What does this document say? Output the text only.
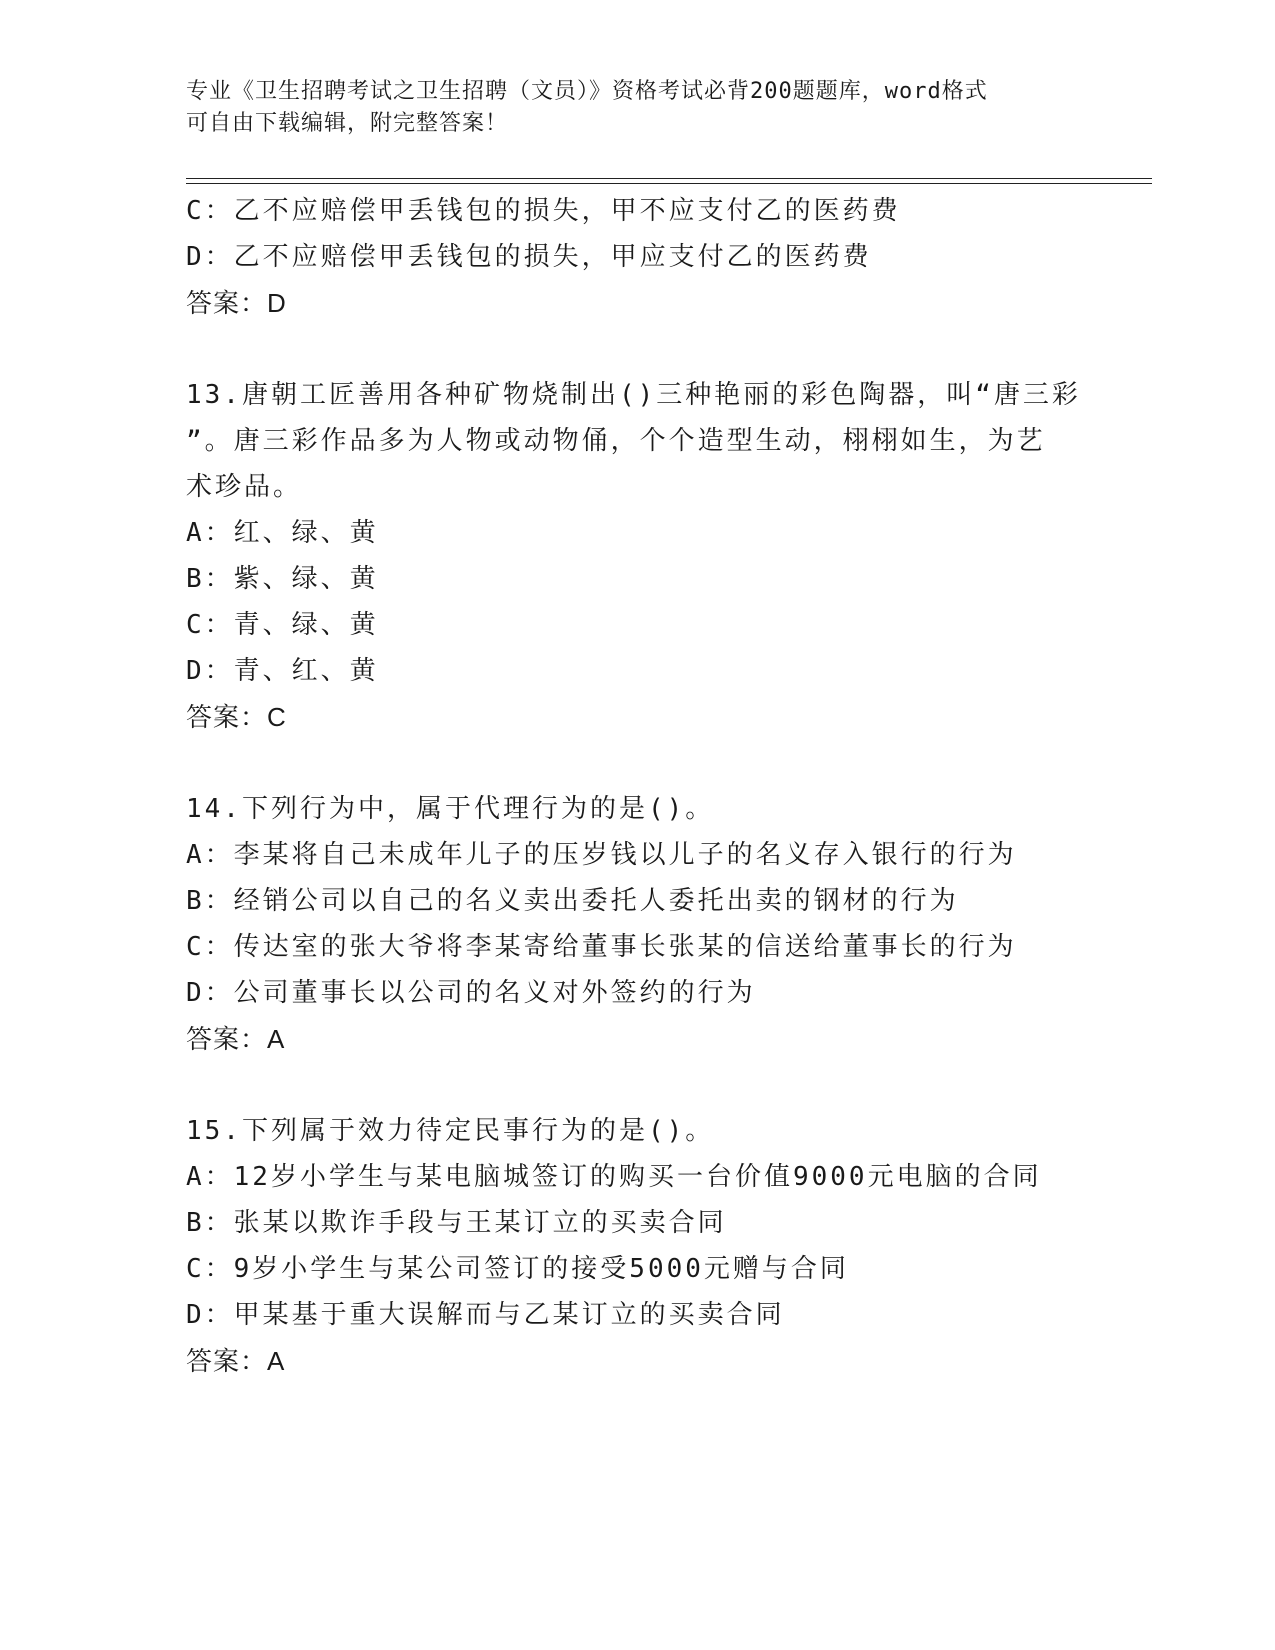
专业《卫生招聘考试之卫生招聘（文员）》资格考试必背200题题库，word格式
可自由下载编辑，附完整答案！
C：乙不应赔偿甲丢钱包的损失，甲不应支付乙的医药费
D：乙不应赔偿甲丢钱包的损失，甲应支付乙的医药费
答案：D
13.唐朝工匠善用各种矿物烧制出()三种艳丽的彩色陶器，叫“唐三彩
”。唐三彩作品多为人物或动物俑，个个造型生动，栩栩如生，为艺
术珍品。
A：红、绿、黄
B：紫、绿、黄
C：青、绿、黄
D：青、红、黄
答案：C
14.下列行为中，属于代理行为的是()。
A：李某将自己未成年儿子的压岁钱以儿子的名义存入银行的行为
B：经销公司以自己的名义卖出委托人委托出卖的钢材的行为
C：传达室的张大爷将李某寄给董事长张某的信送给董事长的行为
D：公司董事长以公司的名义对外签约的行为
答案：A
15.下列属于效力待定民事行为的是()。
A：12岁小学生与某电脑城签订的购买一台价值9000元电脑的合同
B：张某以欺诈手段与王某订立的买卖合同
C：9岁小学生与某公司签订的接受5000元赠与合同
D：甲某基于重大误解而与乙某订立的买卖合同
答案：A
